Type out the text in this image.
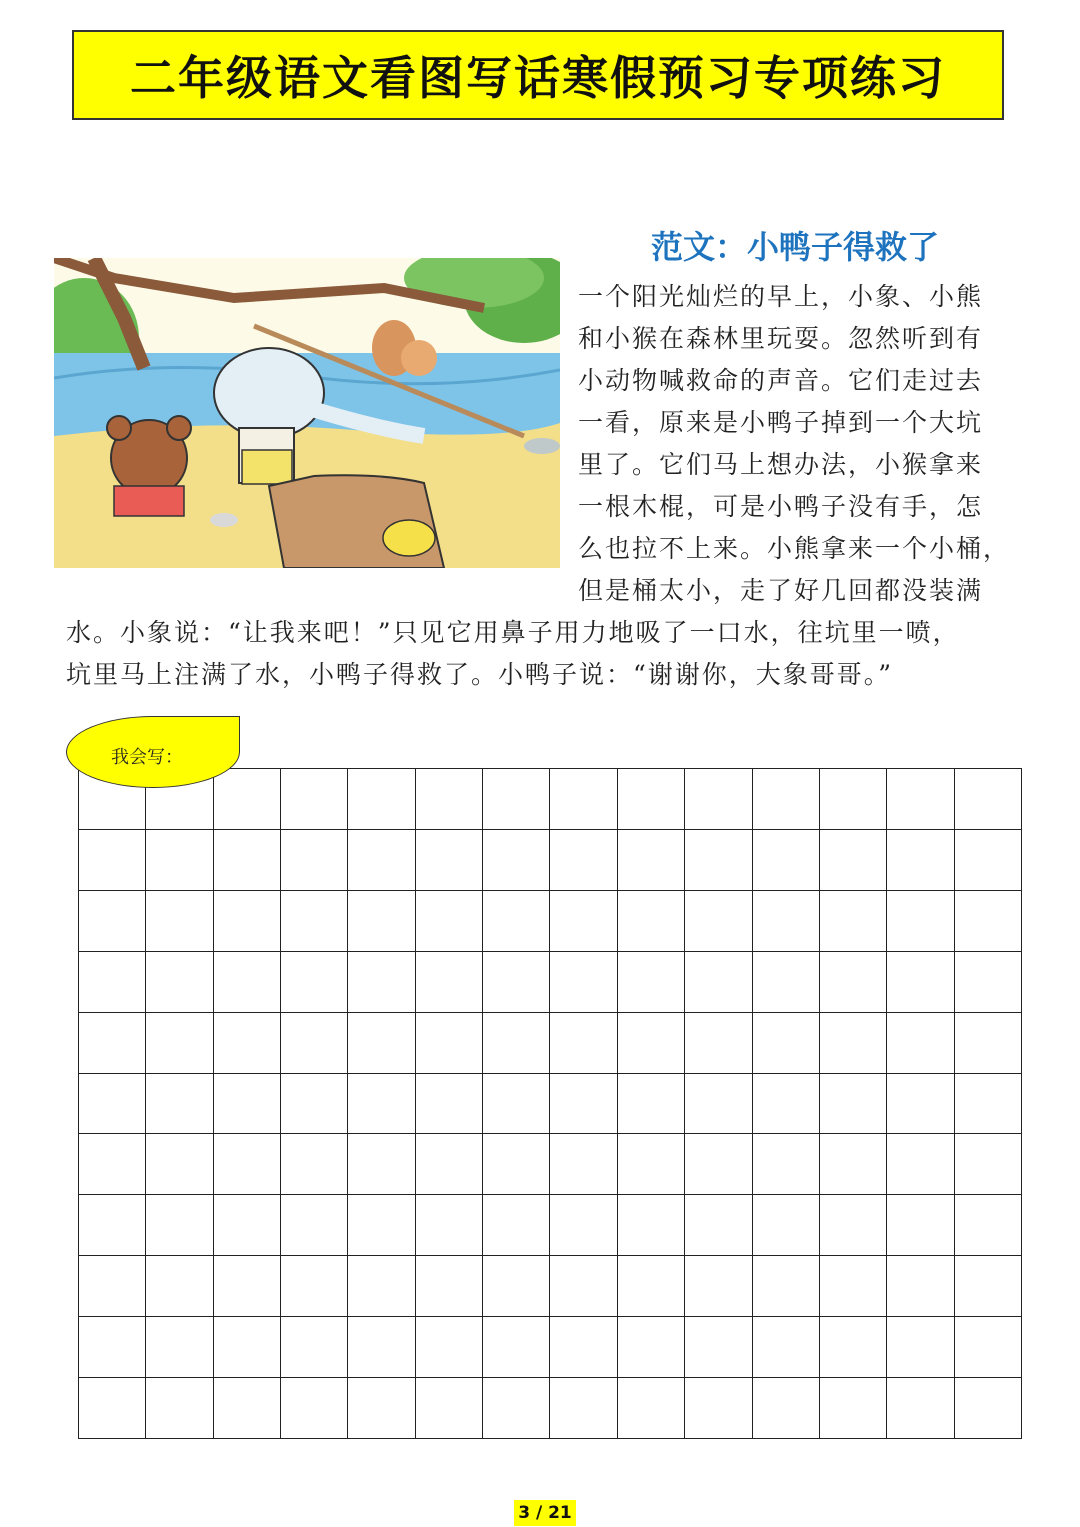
二年级语文看图写话寒假预习专项练习
范文：小鸭子得救了
一个阳光灿烂的早上，小象、小熊
和小猴在森林里玩耍。忽然听到有
小动物喊救命的声音。它们走过去
一看，原来是小鸭子掉到一个大坑
里了。它们马上想办法，小猴拿来
一根木棍，可是小鸭子没有手，怎
么也拉不上来。小熊拿来一个小桶，
但是桶太小，走了好几回都没装满
水。小象说：“让我来吧！”只见它用鼻子用力地吸了一口水，往坑里一喷，
坑里马上注满了水，小鸭子得救了。小鸭子说：“谢谢你，大象哥哥。”
我会写：
3 / 21
